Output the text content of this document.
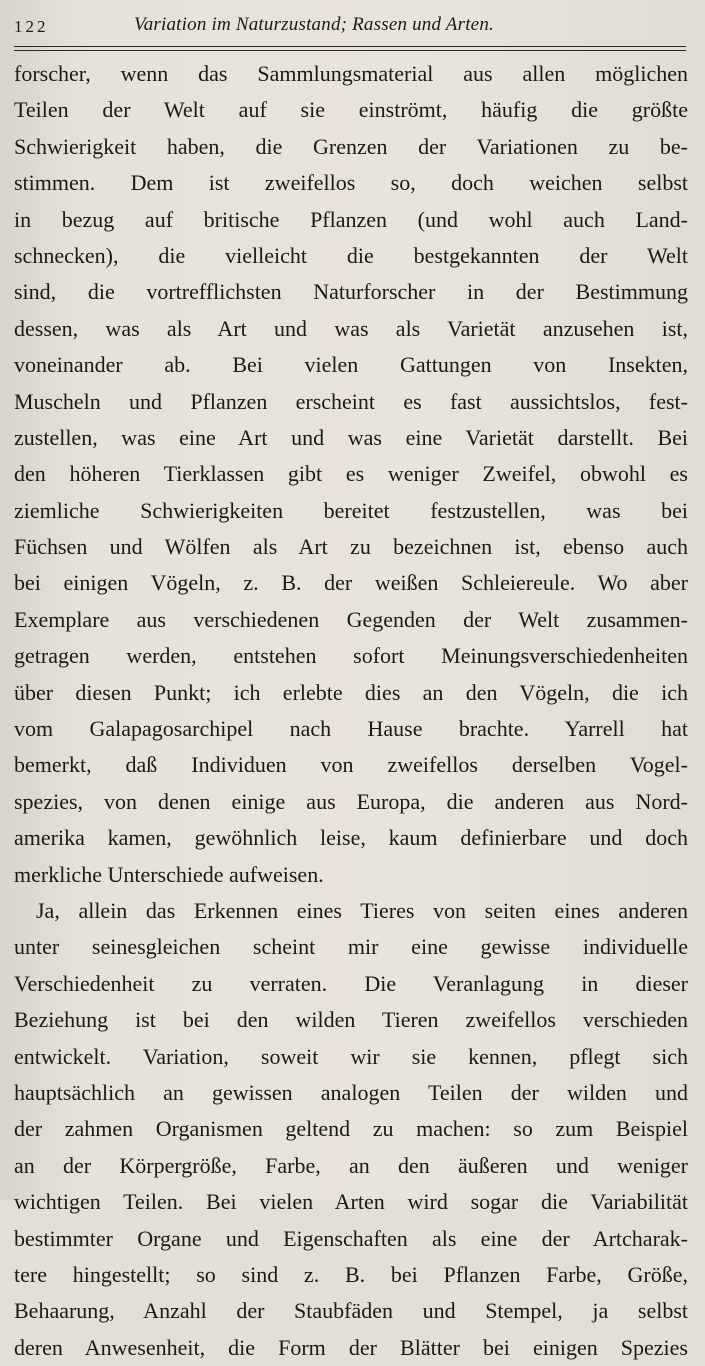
122	Variation im Naturzustand; Rassen und Arten.
forscher, wenn das Sammlungsmaterial aus allen möglichen
Teilen der Welt auf sie einströmt, häufig die größte
Schwierigkeit haben, die Grenzen der Variationen zu be-
stimmen. Dem ist zweifellos so, doch weichen selbst
in bezug auf britische Pflanzen (und wohl auch Land-
schnecken), die vielleicht die bestgekannten der Welt
sind, die vortrefflichsten Naturforscher in der Bestimmung
dessen, was als Art und was als Varietät anzusehen ist,
voneinander ab. Bei vielen Gattungen von Insekten,
Muscheln und Pflanzen erscheint es fast aussichtslos, fest-
zustellen, was eine Art und was eine Varietät darstellt. Bei
den höheren Tierklassen gibt es weniger Zweifel, obwohl es
ziemliche Schwierigkeiten bereitet festzustellen, was bei
Füchsen und Wölfen als Art zu bezeichnen ist, ebenso auch
bei einigen Vögeln, z. B. der weißen Schleiereule. Wo aber
Exemplare aus verschiedenen Gegenden der Welt zusammen-
getragen werden, entstehen sofort Meinungsverschiedenheiten
über diesen Punkt; ich erlebte dies an den Vögeln, die ich
vom Galapagosarchipel nach Hause brachte. Yarrell hat
bemerkt, daß Individuen von zweifellos derselben Vogel-
spezies, von denen einige aus Europa, die anderen aus Nord-
amerika kamen, gewöhnlich leise, kaum definierbare und doch
merkliche Unterschiede aufweisen.
Ja, allein das Erkennen eines Tieres von seiten eines anderen
unter seinesgleichen scheint mir eine gewisse individuelle
Verschiedenheit zu verraten. Die Veranlagung in dieser
Beziehung ist bei den wilden Tieren zweifellos verschieden
entwickelt. Variation, soweit wir sie kennen, pflegt sich
hauptsächlich an gewissen analogen Teilen der wilden und
der zahmen Organismen geltend zu machen: so zum Beispiel
an der Körpergröße, Farbe, an den äußeren und weniger
wichtigen Teilen. Bei vielen Arten wird sogar die Variabilität
bestimmter Organe und Eigenschaften als eine der Artcharak-
tere hingestellt; so sind z. B. bei Pflanzen Farbe, Größe,
Behaarung, Anzahl der Staubfäden und Stempel, ja selbst
deren Anwesenheit, die Form der Blätter bei einigen Spezies
